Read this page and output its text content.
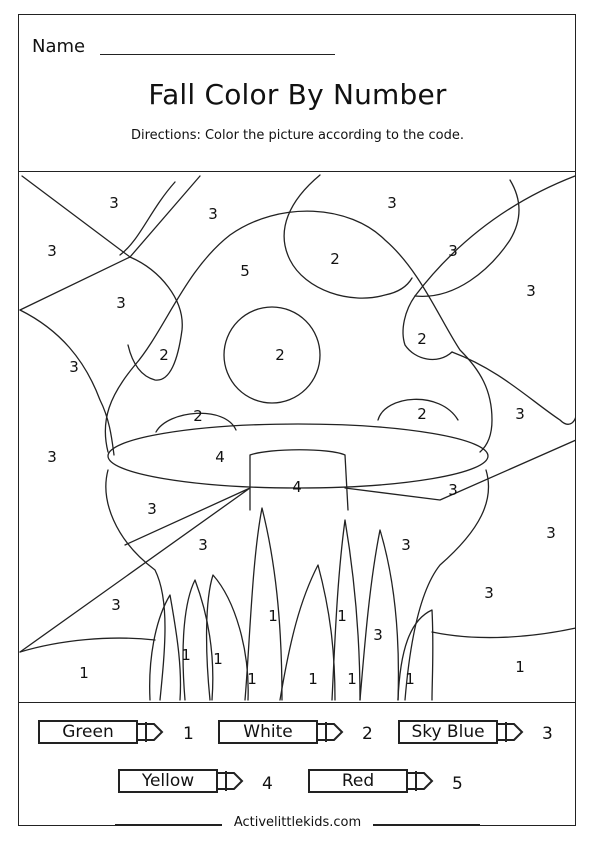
Name
Fall Color By Number
Directions: Color the picture according to the code.
3
3
3
3
5
2	3
3
3
2
2
3
2
2	2	3
3	4
4	3
3
3
3	3
3
3
3
1	1
1 1	1
1	1	1	1
1
Green	1	White	2	Sky Blue	3
Yellow	4	Red	5
Activelittlekids.com
